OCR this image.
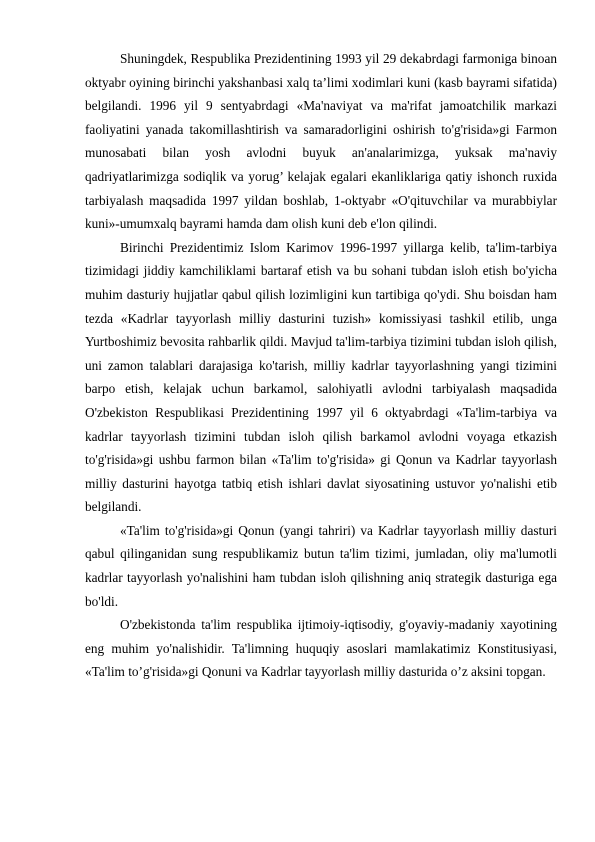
Shuningdek, Respublika Prezidentining 1993 yil 29 dekabrdagi farmoniga binoan oktyabr oyining birinchi yakshanbasi xalq ta’limi xodimlari kuni (kasb bayrami sifatida) belgilandi. 1996 yil 9 sentyabrdagi «Ma'naviyat va ma'rifat jamoatchilik markazi faoliyatini yanada takomillashtirish va samaradorligini oshirish to'g'risida»gi Farmon munosabati bilan yosh avlodni buyuk an'analarimizga, yuksak ma'naviy qadriyatlarimizga sodiqlik va yorug’ kelajak egalari ekanliklariga qatiy ishonch ruxida tarbiyalash maqsadida 1997 yildan boshlab, 1-oktyabr «O'qituvchilar va murabbiylar kuni»-umumxalq bayrami hamda dam olish kuni deb e'lon qilindi.

Birinchi Prezidentimiz Islom Karimov 1996-1997 yillarga kelib, ta'lim-tarbiya tizimidagi jiddiy kamchiliklami bartaraf etish va bu sohani tubdan isloh etish bo'yicha muhim dasturiy hujjatlar qabul qilish lozimligini kun tartibiga qo'ydi. Shu boisdan ham tezda «Kadrlar tayyorlash milliy dasturini tuzish» komissiyasi tashkil etilib, unga Yurtboshimiz bevosita rahbarlik qildi. Mavjud ta'lim-tarbiya tizimini tubdan isloh qilish, uni zamon talablari darajasiga ko'tarish, milliy kadrlar tayyorlashning yangi tizimini barpo etish, kelajak uchun barkamol, salohiyatli avlodni tarbiyalash maqsadida O'zbekiston Respublikasi Prezidentining 1997 yil 6 oktyabrdagi «Ta'lim-tarbiya va kadrlar tayyorlash tizimini tubdan isloh qilish barkamol avlodni voyaga etkazish to'g'risida»gi ushbu farmon bilan «Ta'lim to'g'risida» gi Qonun va Kadrlar tayyorlash milliy dasturini hayotga tatbiq etish ishlari davlat siyosatining ustuvor yo'nalishi etib belgilandi.

«Ta'lim to'g'risida»gi Qonun (yangi tahriri) va Kadrlar tayyorlash milliy dasturi qabul qilinganidan sung respublikamiz butun ta'lim tizimi, jumladan, oliy ma'lumotli kadrlar tayyorlash yo'nalishini ham tubdan isloh qilishning aniq strategik dasturiga ega bo'ldi.

O'zbekistonda ta'lim respublika ijtimoiy-iqtisodiy, g'oyaviy-madaniy xayotining eng muhim yo'nalishidir. Ta'limning huquqiy asoslari mamlakatimiz Konstitusiyasi, «Ta'lim to’g'risida»gi Qonuni va Kadrlar tayyorlash milliy dasturida o’z aksini topgan.
